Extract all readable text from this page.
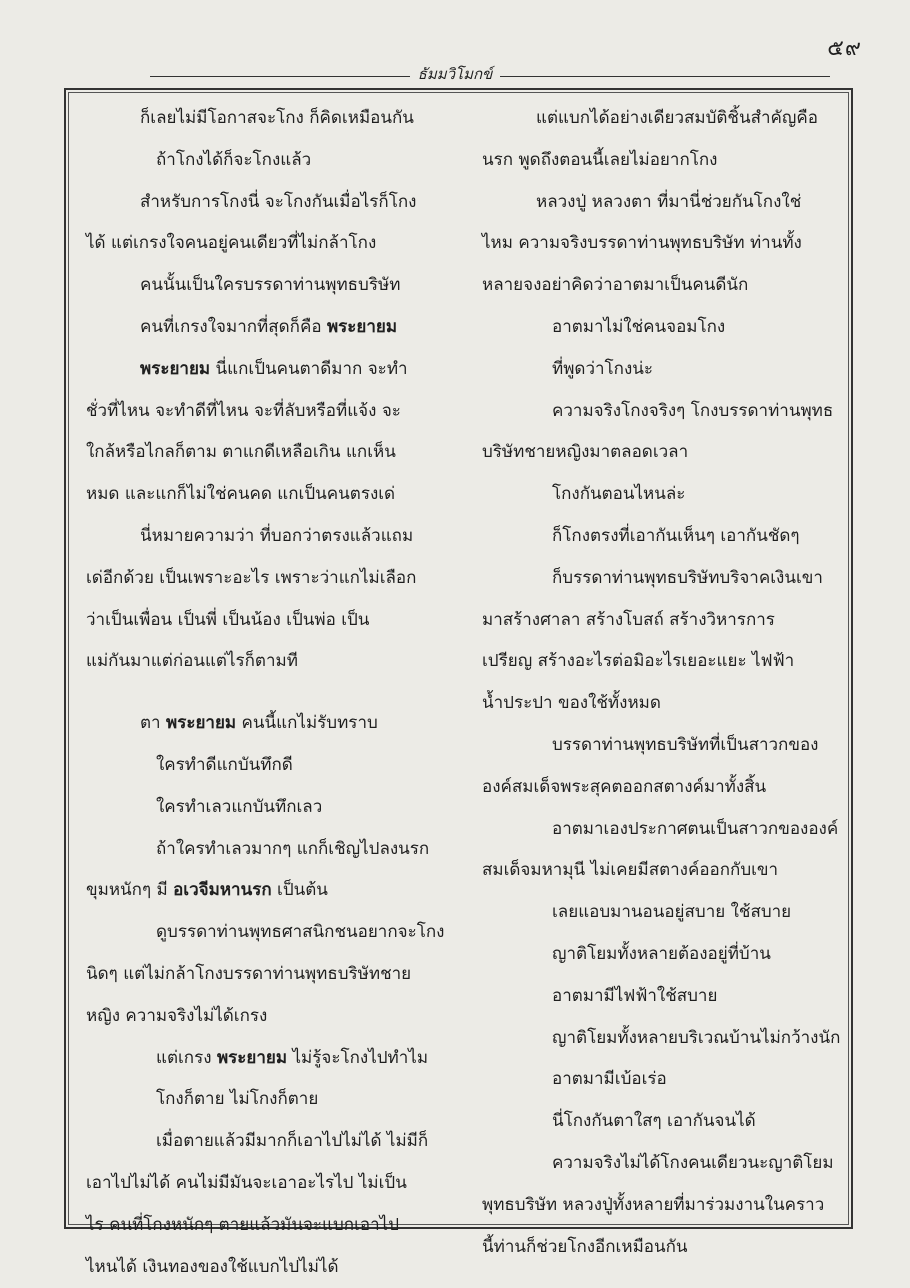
๕๙
ธัมมวิโมกข์
ก็เลยไม่มีโอกาสจะโกง ก็คิดเหมือนกัน
ถ้าโกงได้ก็จะโกงแล้ว
สำหรับการโกงนี่ จะโกงกันเมื่อไรก็โกง
ได้ แต่เกรงใจคนอยู่คนเดียวที่ไม่กล้าโกง
คนนั้นเป็นใครบรรดาท่านพุทธบริษัท
คนที่เกรงใจมากที่สุดก็คือ พระยายม
พระยายม นี่แกเป็นคนตาดีมาก จะทำ
ชั่วที่ไหน จะทำดีที่ไหน จะที่ลับหรือที่แจ้ง จะ
ใกล้หรือไกลก็ตาม ตาแกดีเหลือเกิน แกเห็น
หมด และแกก็ไม่ใช่คนคด แกเป็นคนตรงเด่
นี่หมายความว่า ที่บอกว่าตรงแล้วแถม
เด่อีกด้วย เป็นเพราะอะไร เพราะว่าแกไม่เลือก
ว่าเป็นเพื่อน เป็นพี่ เป็นน้อง เป็นพ่อ เป็น
แม่กันมาแต่ก่อนแต่ไรก็ตามที
ตา พระยายม คนนี้แกไม่รับทราบ
ใครทำดีแกบันทึกดี
ใครทำเลวแกบันทึกเลว
ถ้าใครทำเลวมากๆ แกก็เชิญไปลงนรก
ขุมหนักๆ มี อเวจีมหานรก เป็นต้น
ดูบรรดาท่านพุทธศาสนิกชนอยากจะโกง
นิดๆ แต่ไม่กล้าโกงบรรดาท่านพุทธบริษัทชาย
หญิง ความจริงไม่ได้เกรง
แต่เกรง พระยายม ไม่รู้จะโกงไปทำไม
โกงก็ตาย ไม่โกงก็ตาย
เมื่อตายแล้วมีมากก็เอาไปไม่ได้ ไม่มีก็
เอาไปไม่ได้ คนไม่มีมันจะเอาอะไรไป ไม่เป็น
ไร คนที่โกงหนักๆ ตายแล้วมันจะแบกเอาไป
ไหนได้ เงินทองของใช้แบกไปไม่ได้
แต่แบกได้อย่างเดียวสมบัติชิ้นสำคัญคือ
นรก พูดถึงตอนนี้เลยไม่อยากโกง
หลวงปู่ หลวงตา ที่มานี่ช่วยกันโกงใช่
ไหม ความจริงบรรดาท่านพุทธบริษัท ท่านทั้ง
หลายจงอย่าคิดว่าอาตมาเป็นคนดีนัก
อาตมาไม่ใช่คนจอมโกง
ที่พูดว่าโกงน่ะ
ความจริงโกงจริงๆ โกงบรรดาท่านพุทธ
บริษัทชายหญิงมาตลอดเวลา
โกงกันตอนไหนล่ะ
ก็โกงตรงที่เอากันเห็นๆ เอากันชัดๆ
ก็บรรดาท่านพุทธบริษัทบริจาคเงินเขา
มาสร้างศาลา สร้างโบสถ์ สร้างวิหารการ
เปรียญ สร้างอะไรต่อมิอะไรเยอะแยะ ไฟฟ้า
น้ำประปา ของใช้ทั้งหมด
บรรดาท่านพุทธบริษัทที่เป็นสาวกของ
องค์สมเด็จพระสุคตออกสตางค์มาทั้งสิ้น
อาตมาเองประกาศตนเป็นสาวกขององค์
สมเด็จมหามุนี ไม่เคยมีสตางค์ออกกับเขา
เลยแอบมานอนอยู่สบาย ใช้สบาย
ญาติโยมทั้งหลายต้องอยู่ที่บ้าน
อาตมามีไฟฟ้าใช้สบาย
ญาติโยมทั้งหลายบริเวณบ้านไม่กว้างนัก
อาตมามีเบ้อเร่อ
นี่โกงกันตาใสๆ เอากันจนได้
ความจริงไม่ได้โกงคนเดียวนะญาติโยม
พุทธบริษัท หลวงปู่ทั้งหลายที่มาร่วมงานในคราว
นี้ท่านก็ช่วยโกงอีกเหมือนกัน
